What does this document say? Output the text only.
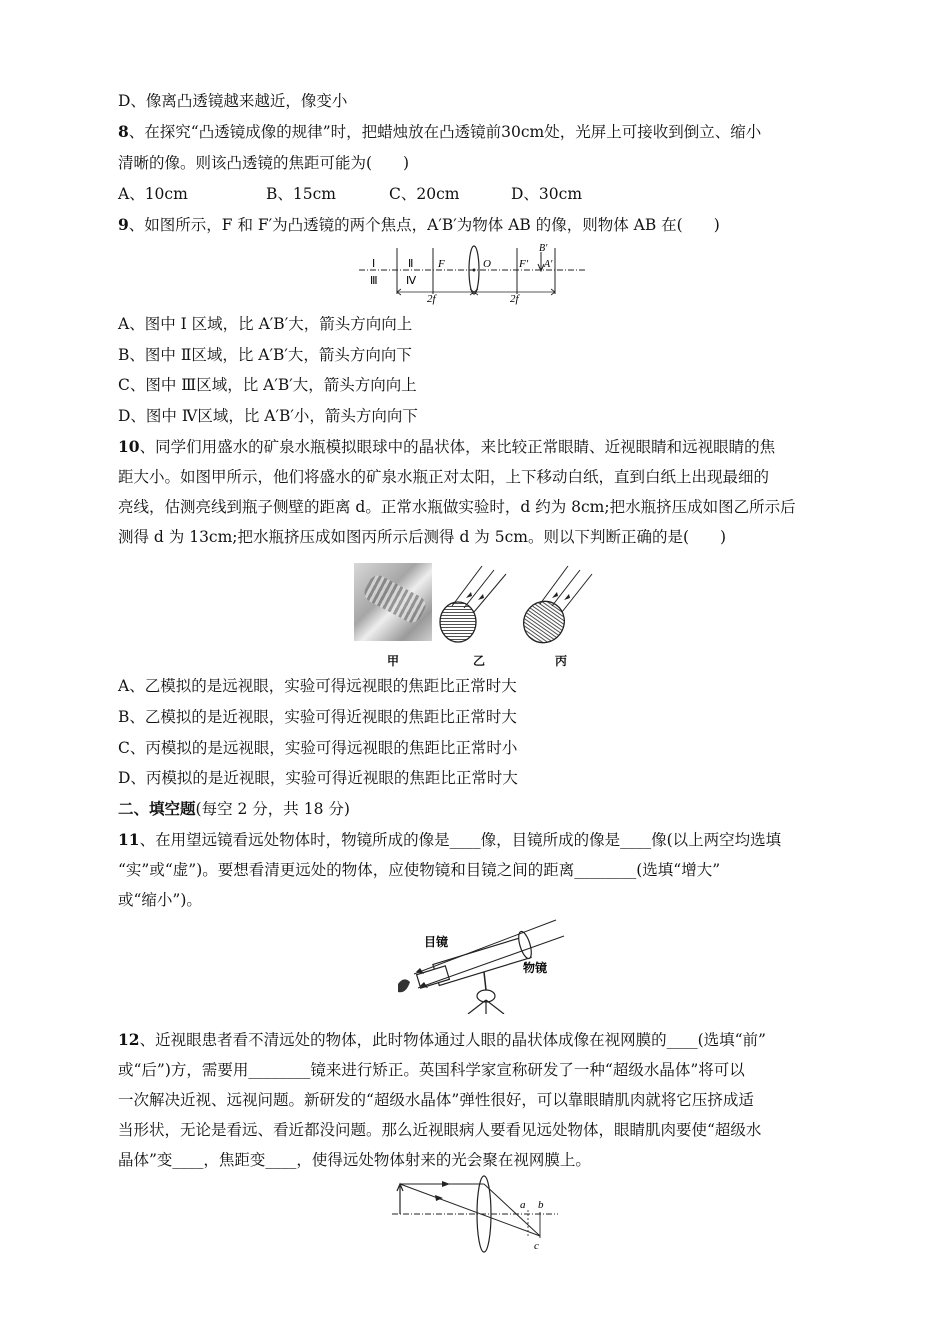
D、像离凸透镜越来越近，像变小
8、在探究“凸透镜成像的规律”时，把蜡烛放在凸透镜前30cm处，光屏上可接收到倒立、缩小
清晰的像。则该凸透镜的焦距可能为(　　)
A、10cm	B、15cm	C、20cm	D、30cm
9、如图所示，F 和 F′为凸透镜的两个焦点，A′B′为物体 AB 的像，则物体 AB 在(　　)
Ⅰ	Ⅱ
Ⅲ	Ⅳ
F	O	F′
B′
A′
2f	2f
A、图中 Ⅰ 区域，比 A′B′大，箭头方向向上
B、图中 Ⅱ区域，比 A′B′大，箭头方向向下
C、图中 Ⅲ区域，比 A′B′大，箭头方向向上
D、图中 Ⅳ区域，比 A′B′小，箭头方向向下
10、同学们用盛水的矿泉水瓶模拟眼球中的晶状体，来比较正常眼睛、近视眼睛和远视眼睛的焦
距大小。如图甲所示，他们将盛水的矿泉水瓶正对太阳，上下移动白纸，直到白纸上出现最细的
亮线，估测亮线到瓶子侧壁的距离 d。正常水瓶做实验时，d 约为 8cm;把水瓶挤压成如图乙所示后
测得 d 为 13cm;把水瓶挤压成如图丙所示后测得 d 为 5cm。则以下判断正确的是(　　)
甲	乙	丙
A、乙模拟的是远视眼，实验可得远视眼的焦距比正常时大
B、乙模拟的是近视眼，实验可得近视眼的焦距比正常时大
C、丙模拟的是远视眼，实验可得远视眼的焦距比正常时小
D、丙模拟的是近视眼，实验可得近视眼的焦距比正常时大
二、填空题(每空 2 分，共 18 分)
11、在用望远镜看远处物体时，物镜所成的像是____像，目镜所成的像是____像(以上两空均选填
“实”或“虚”)。要想看清更远处的物体，应使物镜和目镜之间的距离________(选填“增大”
或“缩小”)。
目镜
物镜
12、近视眼患者看不清远处的物体，此时物体通过人眼的晶状体成像在视网膜的____(选填“前”
或“后”)方，需要用________镜来进行矫正。英国科学家宣称研发了一种“超级水晶体”将可以
一次解决近视、远视问题。新研发的“超级水晶体”弹性很好，可以靠眼睛肌肉就将它压挤成适
当形状，无论是看远、看近都没问题。那么近视眼病人要看见远处物体，眼睛肌肉要使“超级水
晶体”变____，焦距变____，使得远处物体射来的光会聚在视网膜上。
a b
c
